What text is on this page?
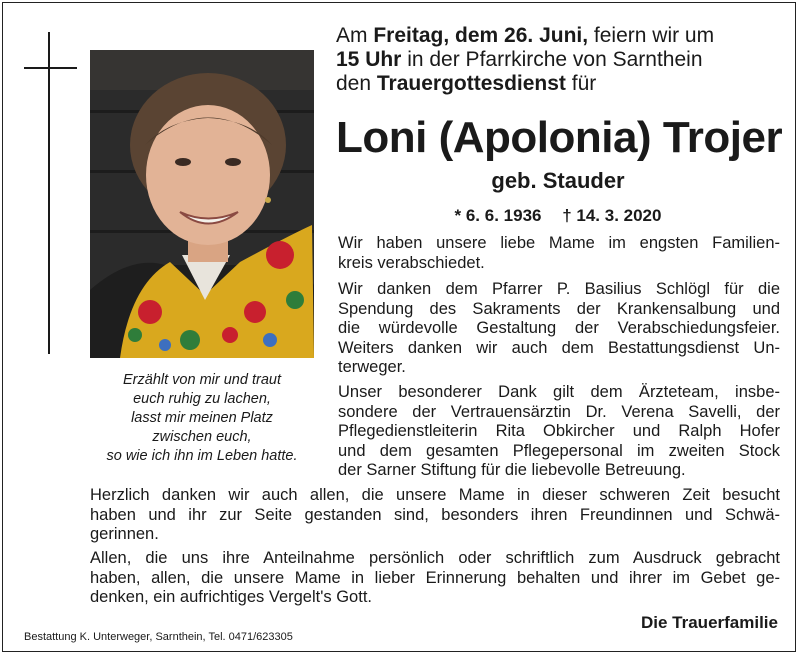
Erzählt von mir und traut
euch ruhig zu lachen,
lasst mir meinen Platz
zwischen euch,
so wie ich ihn im Leben hatte.
Am Freitag, dem 26. Juni, feiern wir um
15 Uhr in der Pfarrkirche von Sarnthein
den Trauergottesdienst für
Loni (Apolonia) Trojer
geb. Stauder
* 6. 6. 1936 † 14. 3. 2020
Wir haben unsere liebe Mame im engsten Familien-
kreis verabschiedet.
Wir danken dem Pfarrer P. Basilius Schlögl für die
Spendung des Sakraments der Krankensalbung und
die würdevolle Gestaltung der Verabschiedungsfeier.
Weiters danken wir auch dem Bestattungsdienst Un-
terweger.
Unser besonderer Dank gilt dem Ärzteteam, insbe-
sondere der Vertrauensärztin Dr. Verena Savelli, der
Pflegedienstleiterin Rita Obkircher und Ralph Hofer
und dem gesamten Pflegepersonal im zweiten Stock
der Sarner Stiftung für die liebevolle Betreuung.
Herzlich danken wir auch allen, die unsere Mame in dieser schweren Zeit besucht
haben und ihr zur Seite gestanden sind, besonders ihren Freundinnen und Schwä-
gerinnen.
Allen, die uns ihre Anteilnahme persönlich oder schriftlich zum Ausdruck gebracht
haben, allen, die unsere Mame in lieber Erinnerung behalten und ihrer im Gebet ge-
denken, ein aufrichtiges Vergelt's Gott.
Die Trauerfamilie
Bestattung K. Unterweger, Sarnthein, Tel. 0471/623305
